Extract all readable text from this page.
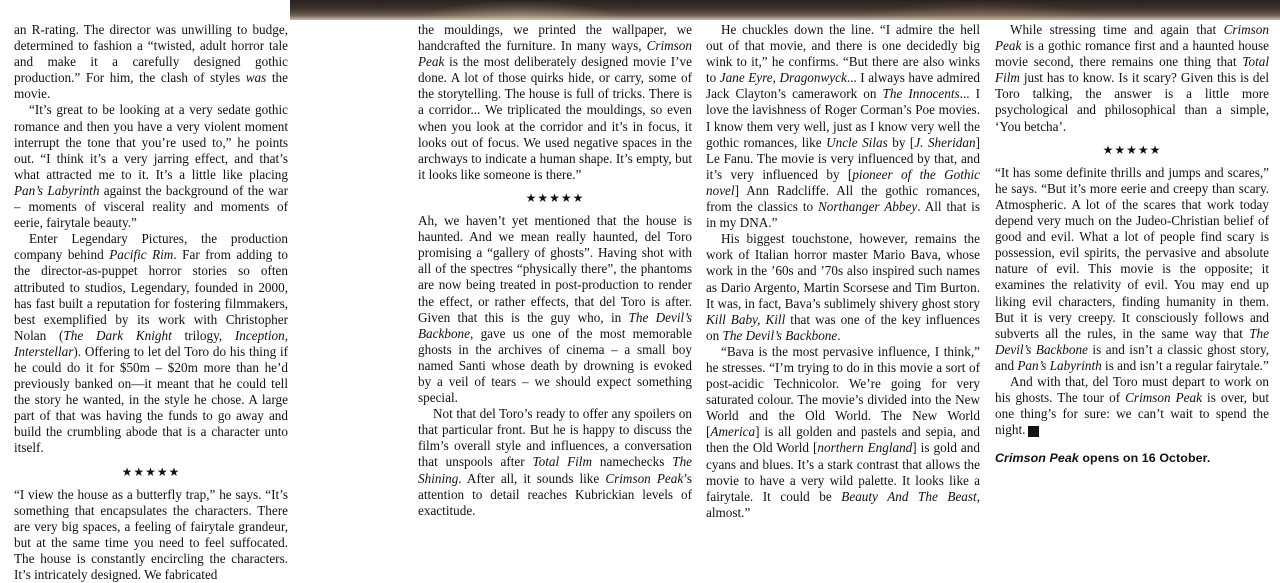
an R-rating. The director was unwilling to budge, determined to fashion a “twisted, adult horror tale and make it a carefully designed gothic production.” For him, the clash of styles was the movie.

“It’s great to be looking at a very sedate gothic romance and then you have a very violent moment interrupt the tone that you’re used to,” he points out. “I think it’s a very jarring effect, and that’s what attracted me to it. It’s a little like placing Pan’s Labyrinth against the background of the war – moments of visceral reality and moments of eerie, fairytale beauty.”

Enter Legendary Pictures, the production company behind Pacific Rim. Far from adding to the director-as-puppet horror stories so often attributed to studios, Legendary, founded in 2000, has fast built a reputation for fostering filmmakers, best exemplified by its work with Christopher Nolan (The Dark Knight trilogy, Inception, Interstellar). Offering to let del Toro do his thing if he could do it for $50m – $20m more than he’d previously banked on—it meant that he could tell the story he wanted, in the style he chose. A large part of that was having the funds to go away and build the crumbling abode that is a character unto itself.

★★★★★

“I view the house as a butterfly trap,” he says. “It’s something that encapsulates the characters. There are very big spaces, a feeling of fairytale grandeur, but at the same time you need to feel suffocated. The house is constantly encircling the characters. It’s intricately designed. We fabricated

the mouldings, we printed the wallpaper, we handcrafted the furniture. In many ways, Crimson Peak is the most deliberately designed movie I’ve done. A lot of those quirks hide, or carry, some of the storytelling. The house is full of tricks. There is a corridor... We triplicated the mouldings, so even when you look at the corridor and it’s in focus, it looks out of focus. We used negative spaces in the archways to indicate a human shape. It’s empty, but it looks like someone is there.”

★★★★★

Ah, we haven’t yet mentioned that the house is haunted. And we mean really haunted, del Toro promising a “gallery of ghosts”. Having shot with all of the spectres “physically there”, the phantoms are now being treated in post-production to render the effect, or rather effects, that del Toro is after. Given that this is the guy who, in The Devil’s Backbone, gave us one of the most memorable ghosts in the archives of cinema – a small boy named Santi whose death by drowning is evoked by a veil of tears – we should expect something special.

Not that del Toro’s ready to offer any spoilers on that particular front. But he is happy to discuss the film’s overall style and influences, a conversation that unspools after Total Film namechecks The Shining. After all, it sounds like Crimson Peak’s attention to detail reaches Kubrickian levels of exactitude.

He chuckles down the line. “I admire the hell out of that movie, and there is one decidedly big wink to it,” he confirms. “But there are also winks to Jane Eyre, Dragonwyck... I always have admired Jack Clayton’s camerawork on The Innocents... I love the lavishness of Roger Corman’s Poe movies. I know them very well, just as I know very well the gothic romances, like Uncle Silas by [J. Sheridan] Le Fanu. The movie is very influenced by that, and it’s very influenced by [pioneer of the Gothic novel] Ann Radcliffe. All the gothic romances, from the classics to Northanger Abbey. All that is in my DNA.”

His biggest touchstone, however, remains the work of Italian horror master Mario Bava, whose work in the ’60s and ’70s also inspired such names as Dario Argento, Martin Scorsese and Tim Burton. It was, in fact, Bava’s sublimely shivery ghost story Kill Baby, Kill that was one of the key influences on The Devil’s Backbone.

“Bava is the most pervasive influence, I think,” he stresses. “I’m trying to do in this movie a sort of post-acidic Technicolor. We’re going for very saturated colour. The movie’s divided into the New World and the Old World. The New World [America] is all golden and pastels and sepia, and then the Old World [northern England] is gold and cyans and blues. It’s a stark contrast that allows the movie to have a very wild palette. It looks like a fairytale. It could be Beauty And The Beast, almost.”

While stressing time and again that Crimson Peak is a gothic romance first and a haunted house movie second, there remains one thing that Total Film just has to know. Is it scary? Given this is del Toro talking, the answer is a little more psychological and philosophical than a simple, ‘You betcha’.

★★★★★

“It has some definite thrills and jumps and scares,” he says. “But it’s more eerie and creepy than scary. Atmospheric. A lot of the scares that work today depend very much on the Judeo-Christian belief of good and evil. What a lot of people find scary is possession, evil spirits, the pervasive and absolute nature of evil. This movie is the opposite; it examines the relativity of evil. You may end up liking evil characters, finding humanity in them. But it is very creepy. It consciously follows and subverts all the rules, in the same way that The Devil’s Backbone is and isn’t a classic ghost story, and Pan’s Labyrinth is and isn’t a regular fairytale.”

And with that, del Toro must depart to work on his ghosts. The tour of Crimson Peak is over, but one thing’s for sure: we can’t wait to spend the night. T

Crimson Peak opens on 16 October.
